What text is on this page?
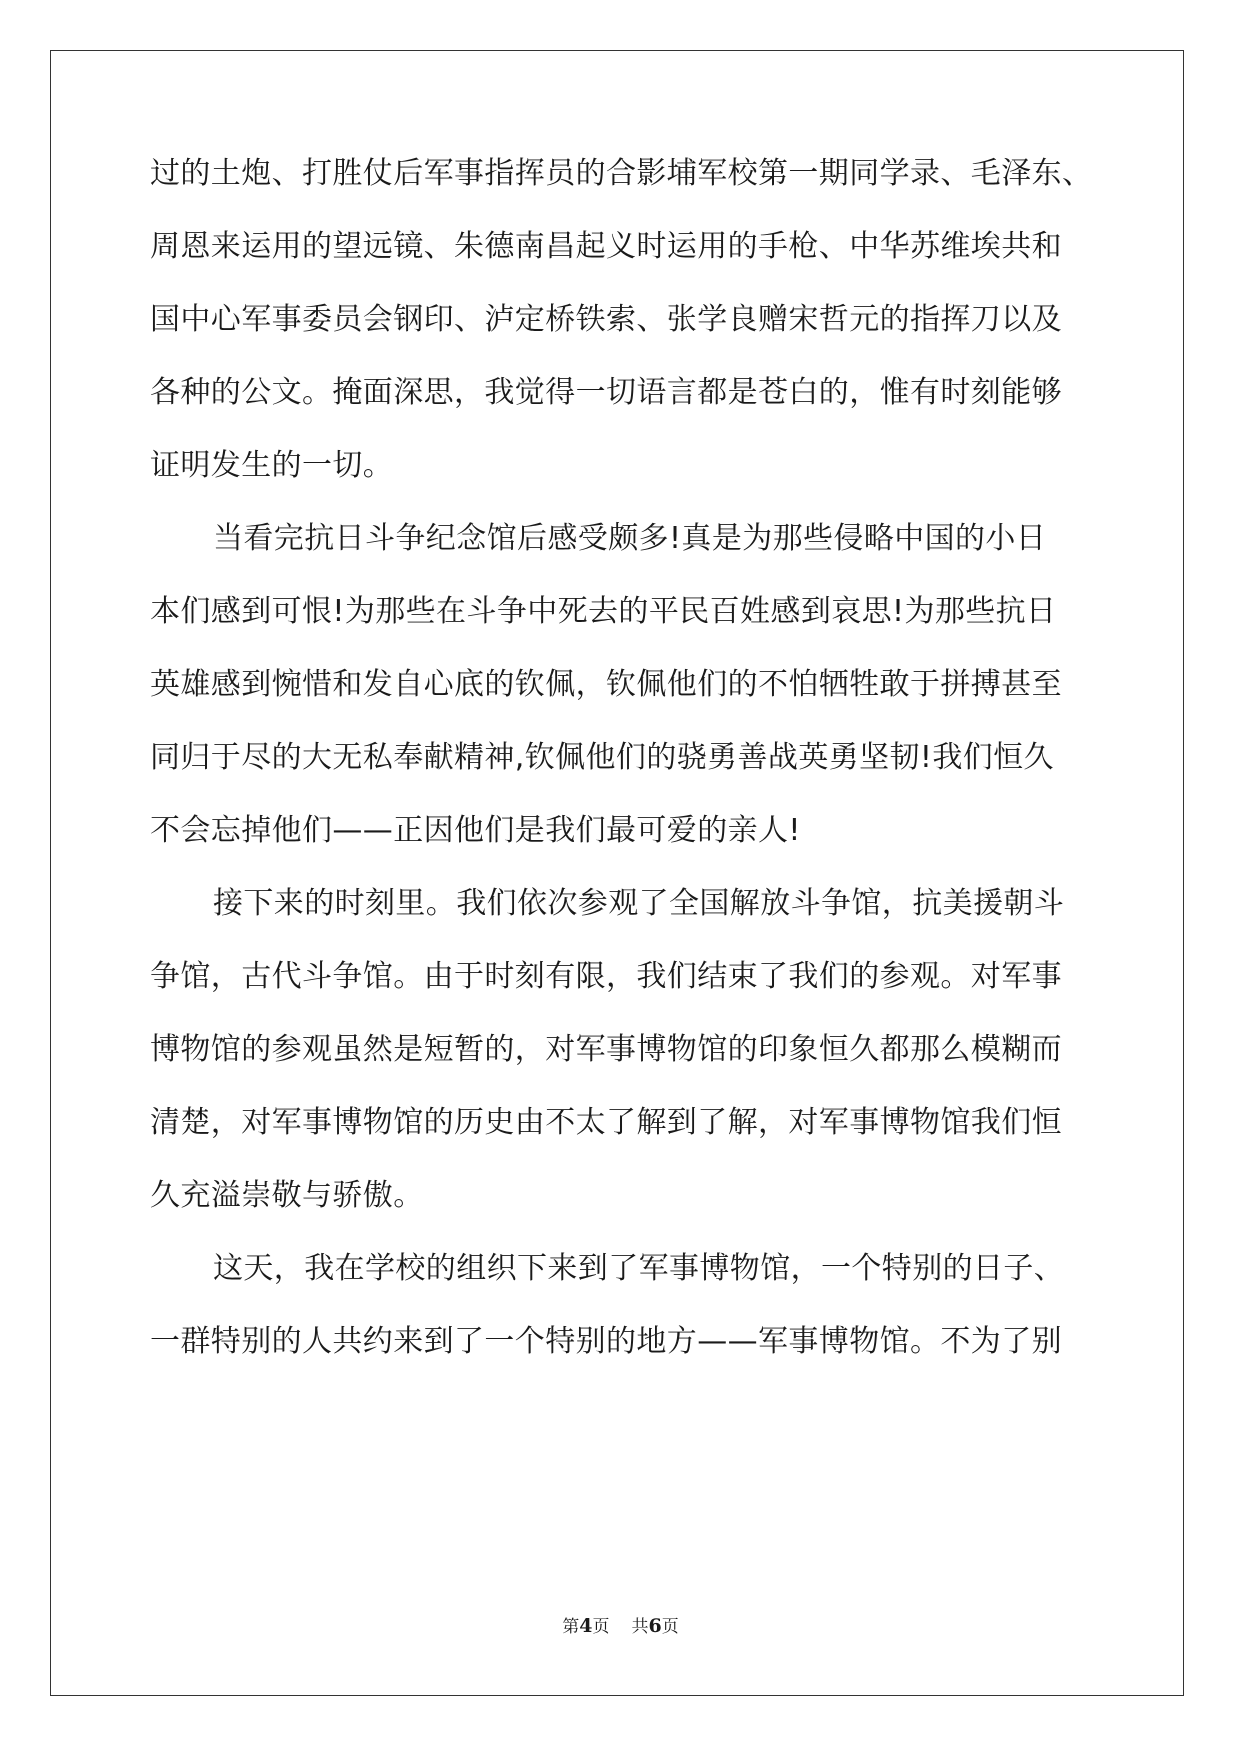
过的土炮、打胜仗后军事指挥员的合影埔军校第一期同学录、毛泽东、
周恩来运用的望远镜、朱德南昌起义时运用的手枪、中华苏维埃共和
国中心军事委员会钢印、泸定桥铁索、张学良赠宋哲元的指挥刀以及
各种的公文。掩面深思，我觉得一切语言都是苍白的，惟有时刻能够
证明发生的一切。
当看完抗日斗争纪念馆后感受颇多!真是为那些侵略中国的小日
本们感到可恨!为那些在斗争中死去的平民百姓感到哀思!为那些抗日
英雄感到惋惜和发自心底的钦佩，钦佩他们的不怕牺牲敢于拼搏甚至
同归于尽的大无私奉献精神,钦佩他们的骁勇善战英勇坚韧!我们恒久
不会忘掉他们——正因他们是我们最可爱的亲人!
接下来的时刻里。我们依次参观了全国解放斗争馆，抗美援朝斗
争馆，古代斗争馆。由于时刻有限，我们结束了我们的参观。对军事
博物馆的参观虽然是短暂的，对军事博物馆的印象恒久都那么模糊而
清楚，对军事博物馆的历史由不太了解到了解，对军事博物馆我们恒
久充溢崇敬与骄傲。
这天，我在学校的组织下来到了军事博物馆，一个特别的日子、
一群特别的人共约来到了一个特别的地方——军事博物馆。不为了别
第4页 共6页
